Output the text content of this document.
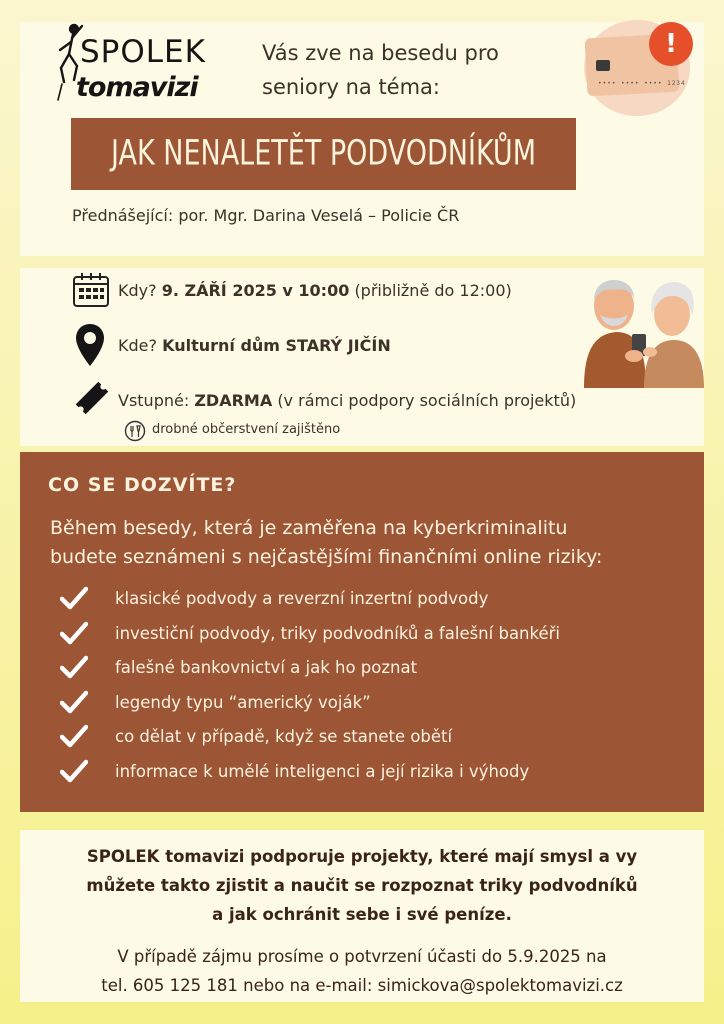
SPOLEK
tomavizi
Vás zve na besedu pro
seniory na téma:	•••• •••• •••• 1234
!
JAK NENALETĚT PODVODNÍKŮM
Přednášející: por. Mgr. Darina Veselá – Policie ČR
Kdy? 9. ZÁŘÍ 2025 v 10:00 (přibližně do 12:00)
Kde? Kulturní dům STARÝ JIČÍN
Vstupné: ZDARMA (v rámci podpory sociálních projektů)
drobné občerstvení zajištěno
CO SE DOZVÍTE?
Během besedy, která je zaměřena na kyberkriminalitu
budete seznámeni s nejčastějšími finančními online riziky:
klasické podvody a reverzní inzertní podvody
investiční podvody, triky podvodníků a falešní bankéři
falešné bankovnictví a jak ho poznat
legendy typu “americký voják”
co dělat v případě, když se stanete obětí
informace k umělé inteligenci a její rizika i výhody
SPOLEK tomavizi podporuje projekty, které mají smysl a vy
můžete takto zjistit a naučit se rozpoznat triky podvodníků
a jak ochránit sebe i své peníze.
V případě zájmu prosíme o potvrzení účasti do 5.9.2025 na
tel. 605 125 181 nebo na e-mail: simickova@spolektomavizi.cz
